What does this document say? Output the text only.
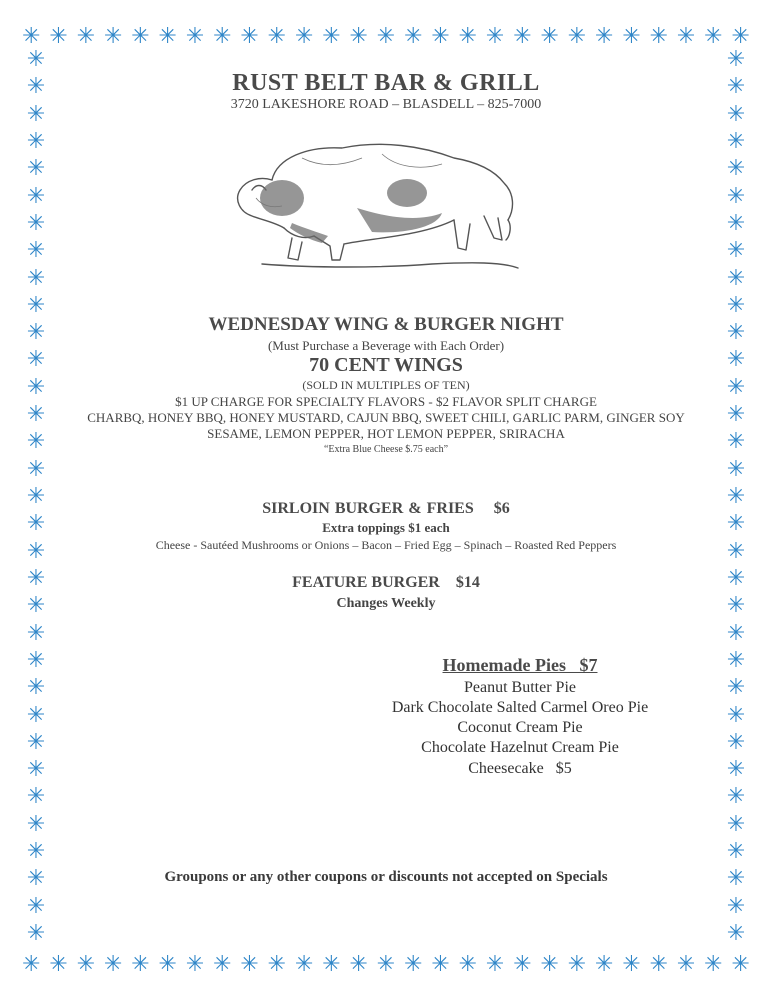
✳ ✳ ✳ ✳ ✳ ✳ ✳ ✳ ✳ ✳ ✳ ✳ ✳ ✳ ✳ ✳ ✳ ✳ ✳ ✳ ✳ ✳ ✳ ✳ ✳ ✳ ✳
✳ ✳ ✳ ✳ ✳ ✳ ✳ ✳ ✳ ✳ ✳ ✳ ✳ ✳ ✳ ✳ ✳ ✳ ✳ ✳ ✳ ✳ ✳ ✳ ✳ ✳ ✳
✳
✳
✳
✳
✳
✳
✳
✳
✳
✳
✳
✳
✳
✳
✳
✳
✳
✳
✳
✳
✳
✳
✳
✳
✳
✳
✳
✳
✳
✳
✳
✳
✳
✳
✳
✳
✳
✳
✳
✳
✳
✳
✳
✳
✳
✳
✳
✳
✳
✳
✳
✳
✳
✳
✳
✳
✳
✳
✳
✳
✳
✳
✳
✳
✳
✳
RUST BELT BAR & GRILL
3720 LAKESHORE ROAD – BLASDELL – 825-7000
WEDNESDAY WING & BURGER NIGHT
(Must Purchase a Beverage with Each Order)
70 CENT WINGS
(SOLD IN MULTIPLES OF TEN)
$1 UP CHARGE FOR SPECIALTY FLAVORS - $2 FLAVOR SPLIT CHARGE
CHARBQ, HONEY BBQ, HONEY MUSTARD, CAJUN BBQ, SWEET CHILI, GARLIC PARM, GINGER SOY
SESAME, LEMON PEPPER, HOT LEMON PEPPER, SRIRACHA
“Extra Blue Cheese $.75 each”
SIRLOIN BURGER & FRIES    $6
Extra toppings $1 each
Cheese - Sautéed Mushrooms or Onions – Bacon – Fried Egg – Spinach – Roasted Red Peppers
FEATURE BURGER    $14
Changes Weekly
Homemade Pies   $7
Peanut Butter Pie
Dark Chocolate Salted Carmel Oreo Pie
Coconut Cream Pie
Chocolate Hazelnut Cream Pie
Cheesecake   $5
Groupons or any other coupons or discounts not accepted on Specials
